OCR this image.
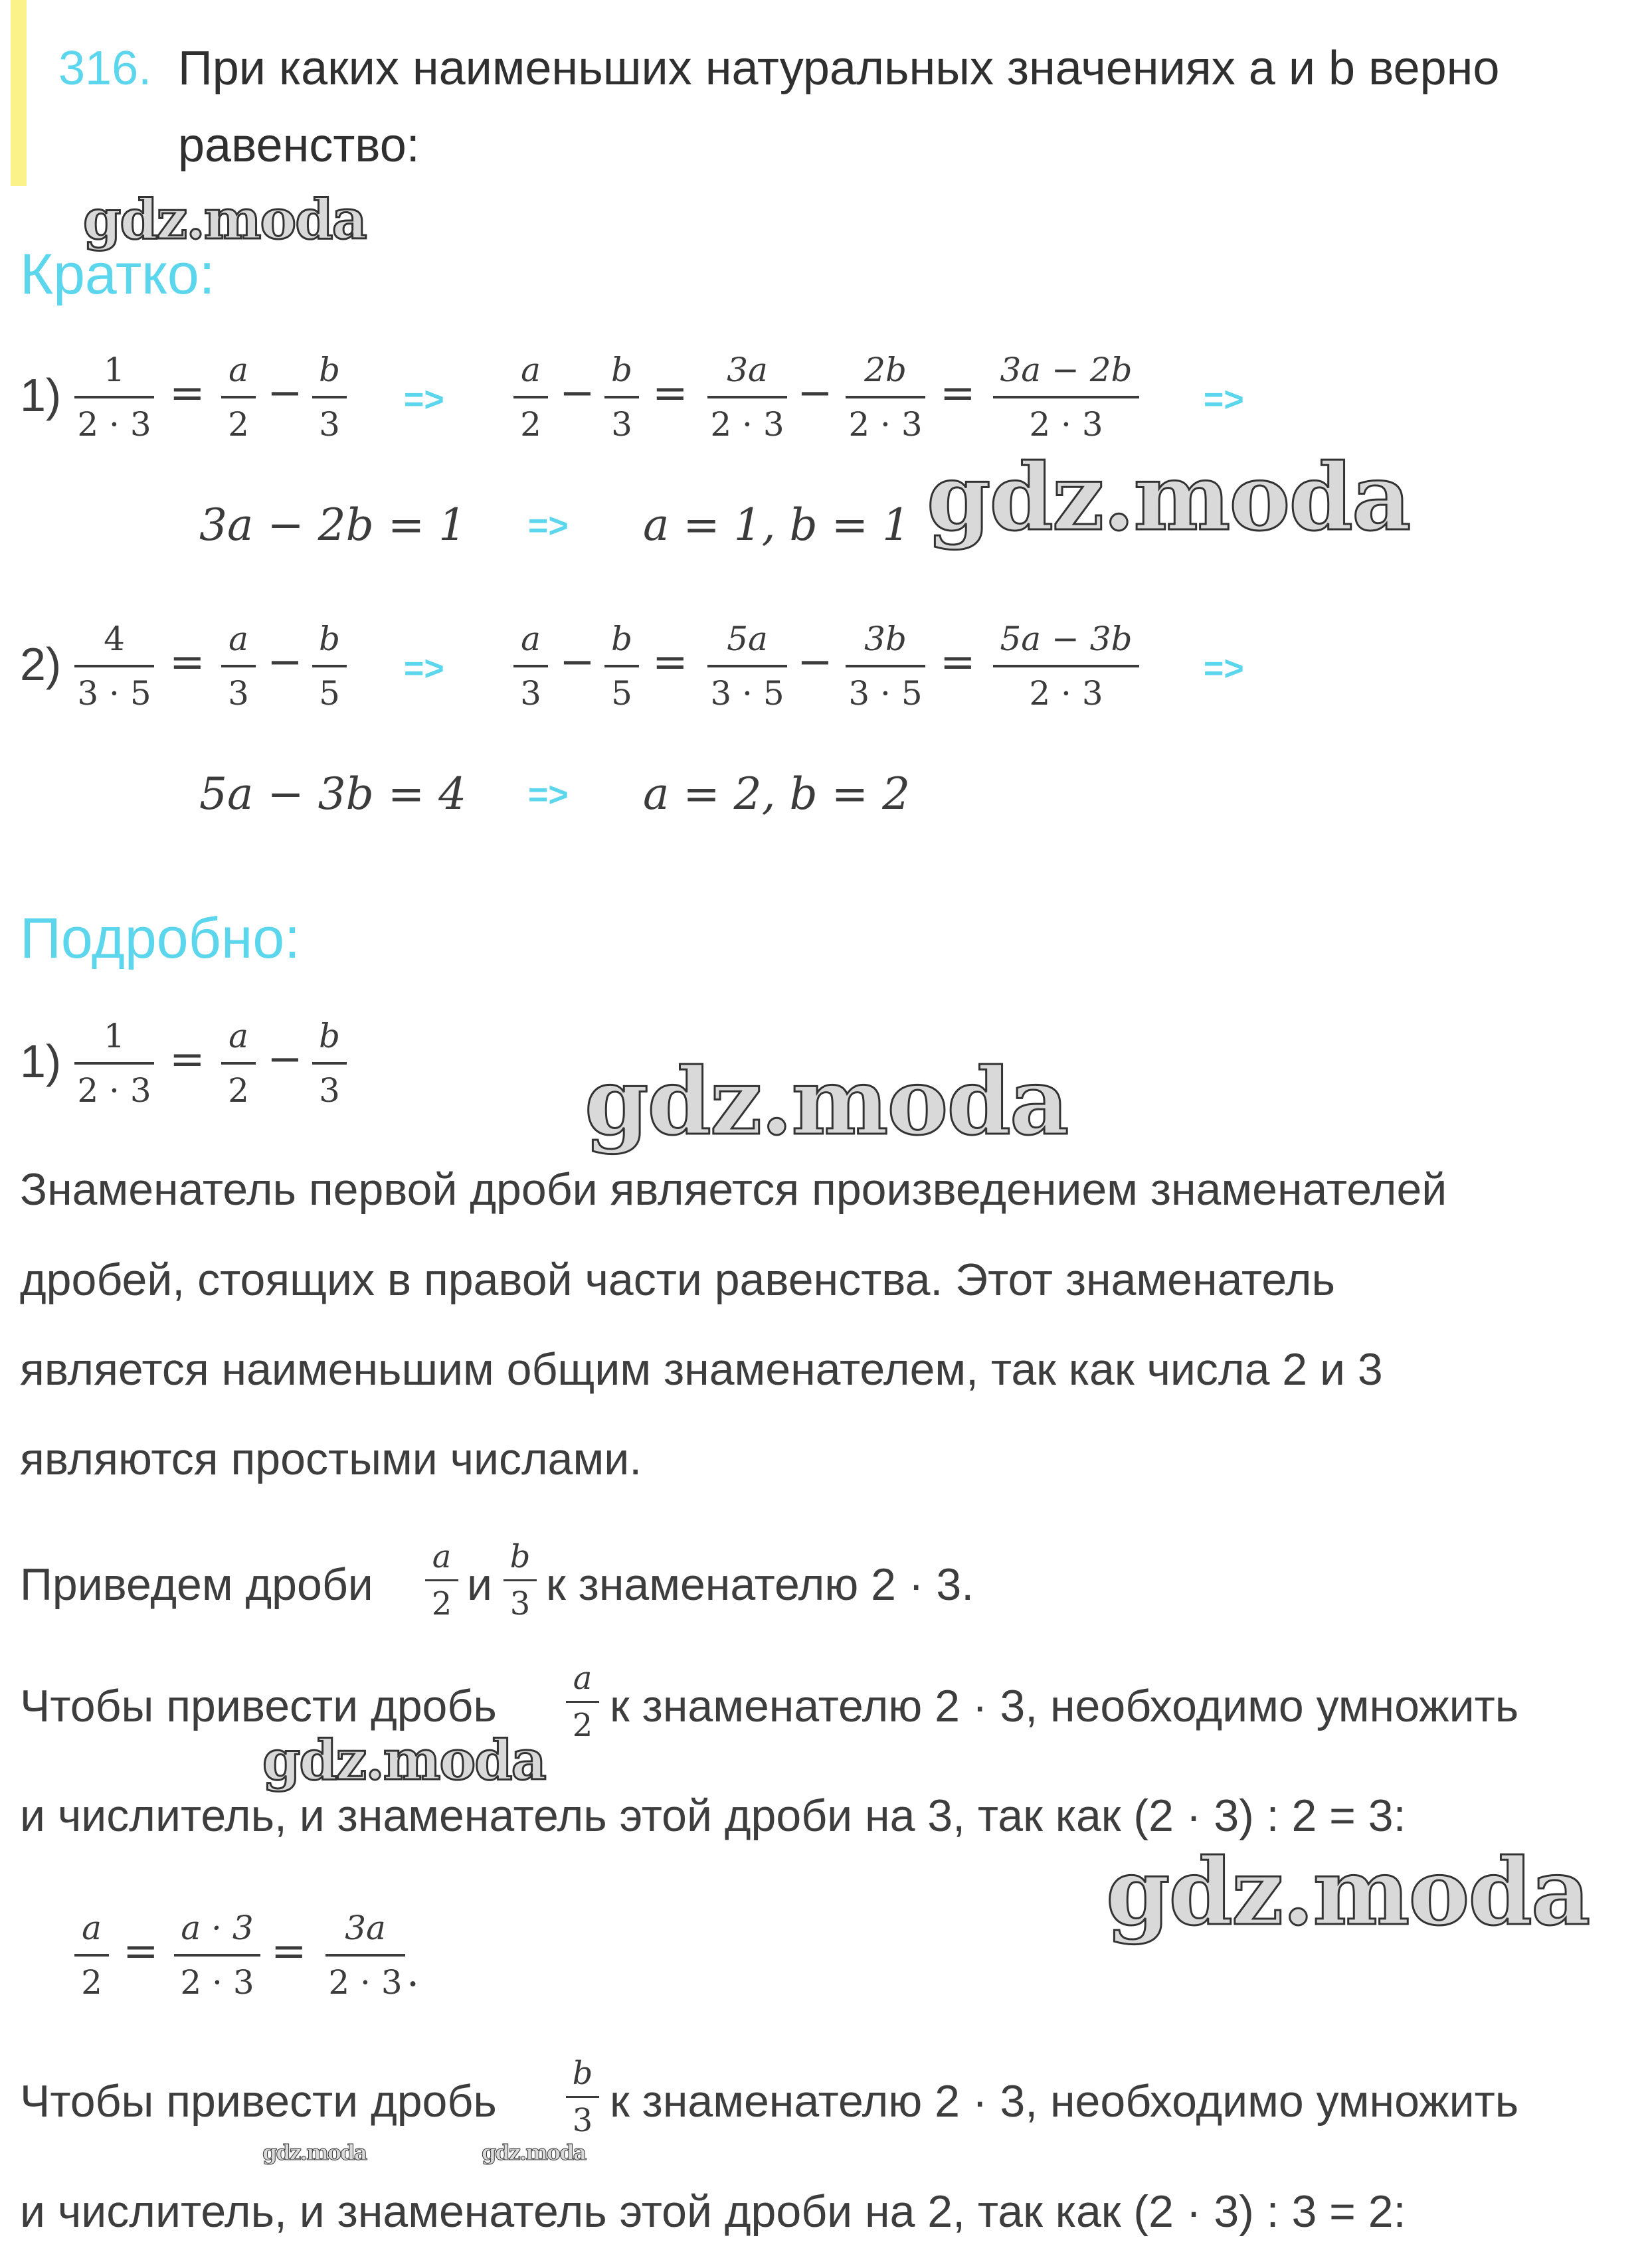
316. При каких наименьших натуральных значениях a и b верно
равенство:
gdz.moda
gdz.moda
gdz.moda
gdz.moda
gdz.moda
gdz.moda	gdz.moda
Кратко:
$1) \frac{1}{2 \cdot 3} = \frac{a}{2} - \frac{b}{3} => \frac{a}{2} - \frac{b}{3} = \frac{3a}{2 \cdot 3} - \frac{2b}{2 \cdot 3} = \frac{3a - 2b}{2 \cdot 3}$ =>
3a − 2b = 1 => a = 1, b = 1
$2) \frac{4}{3 \cdot 5} = \frac{a}{3} - \frac{b}{5} => \frac{a}{3} - \frac{b}{5} = \frac{5a}{3 \cdot 5} - \frac{3b}{3 \cdot 5} = \frac{5a - 3b}{2 \cdot 3}$ =>
5a − 3b = 4 => a = 2, b = 2
Подробно:
$1) \frac{1}{2 \cdot 3} = \frac{a}{2} - \frac{b}{3}$
Знаменатель первой дроби является произведением знаменателей
дробей, стоящих в правой части равенства. Этот знаменатель
является наименьшим общим знаменателем, так как числа 2 и 3
являются простыми числами.
Приведем дроби $\frac{a}{2}$ и $\frac{b}{3}$ к знаменателю 2 · 3.
Чтобы привести дробь $\frac{a}{2}$ к знаменателю 2 · 3, необходимо умножить
и числитель, и знаменатель этой дроби на 3, так как (2 · 3) : 2 = 3:
$\frac{a}{2} = \frac{a \cdot 3}{2 \cdot 3} = \frac{3a}{2 \cdot 3}$ .
Чтобы привести дробь $\frac{b}{3}$ к знаменателю 2 · 3, необходимо умножить
и числитель, и знаменатель этой дроби на 2, так как (2 · 3) : 3 = 2:
